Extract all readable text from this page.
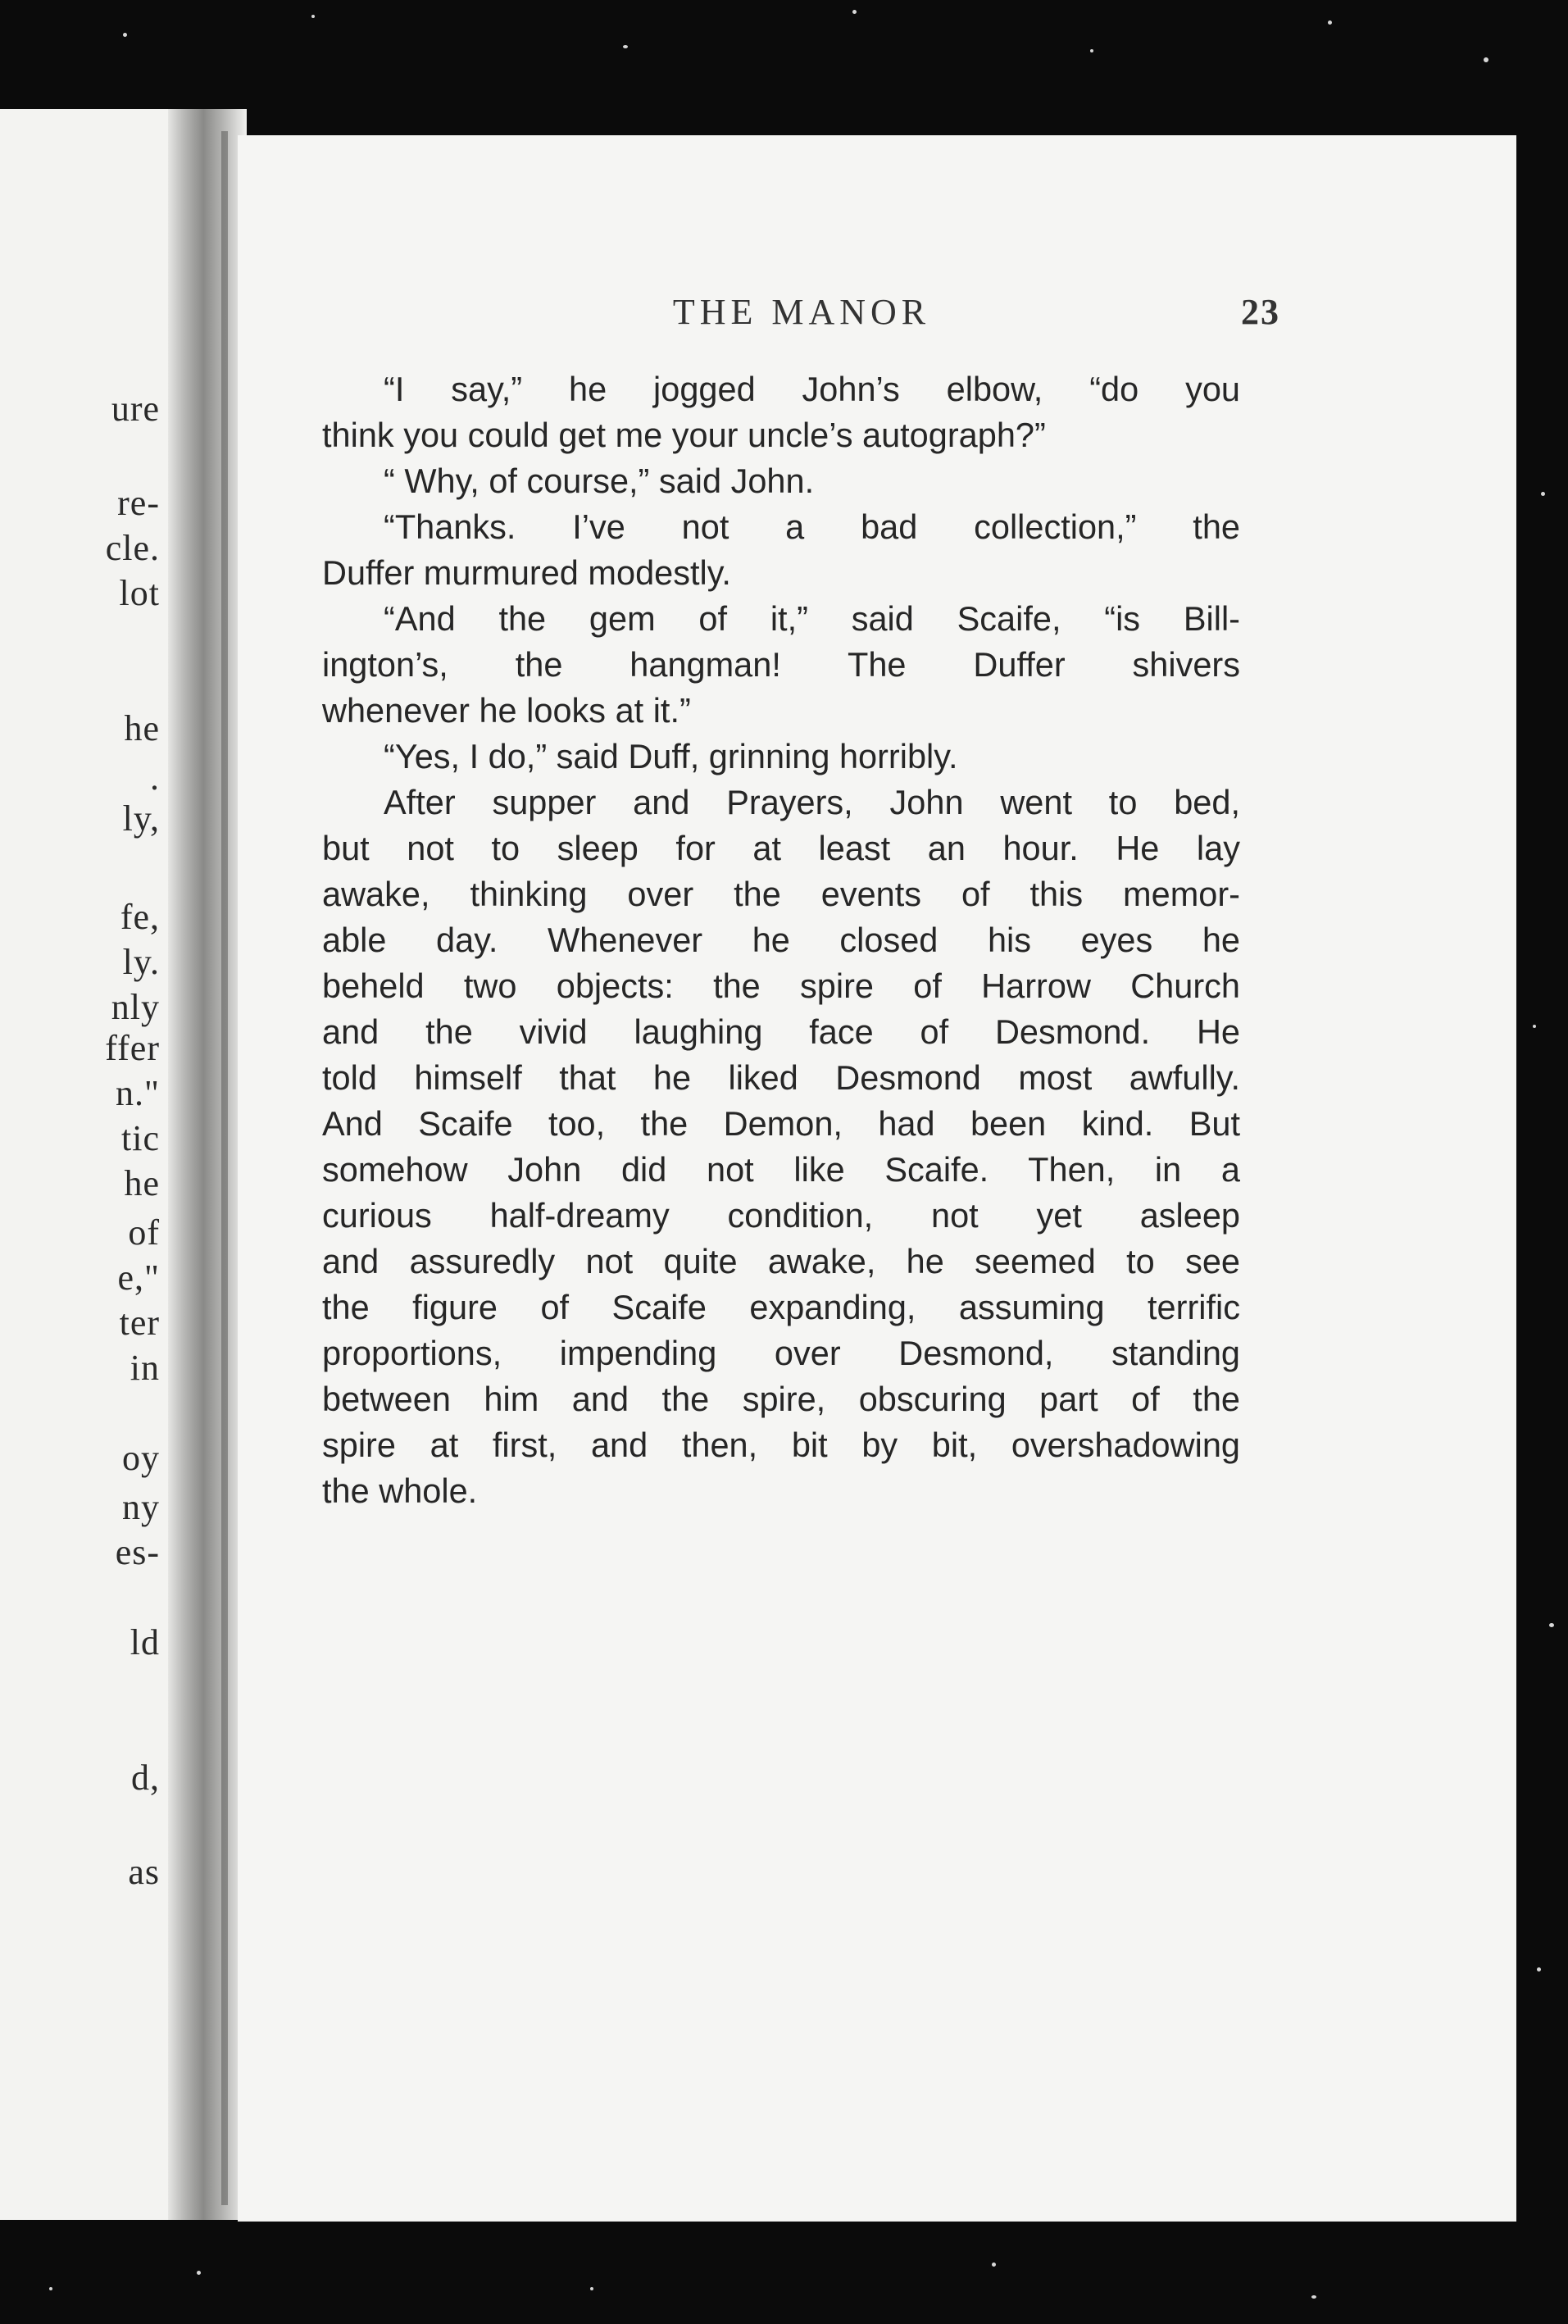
ure
re-
cle.
lot
he
.
ly,
fe,
ly.
nly
ffer
n."
tic
he
of
e,"
ter
in
oy
ny
es-
ld
d,
as
THE MANOR	23
“I say,” he jogged John’s elbow, “do you
think you could get me your uncle’s autograph?”
“ Why, of course,” said John.
“Thanks. I’ve not a bad collection,” the
Duffer murmured modestly.
“And the gem of it,” said Scaife, “is Bill-
ington’s, the hangman! The Duffer shivers
whenever he looks at it.”
“Yes, I do,” said Duff, grinning horribly.
After supper and Prayers, John went to bed,
but not to sleep for at least an hour. He lay
awake, thinking over the events of this memor-
able day. Whenever he closed his eyes he
beheld two objects: the spire of Harrow Church
and the vivid laughing face of Desmond. He
told himself that he liked Desmond most awfully.
And Scaife too, the Demon, had been kind. But
somehow John did not like Scaife. Then, in a
curious half-dreamy condition, not yet asleep
and assuredly not quite awake, he seemed to see
the figure of Scaife expanding, assuming terrific
proportions, impending over Desmond, standing
between him and the spire, obscuring part of the
spire at first, and then, bit by bit, overshadowing
the whole.
